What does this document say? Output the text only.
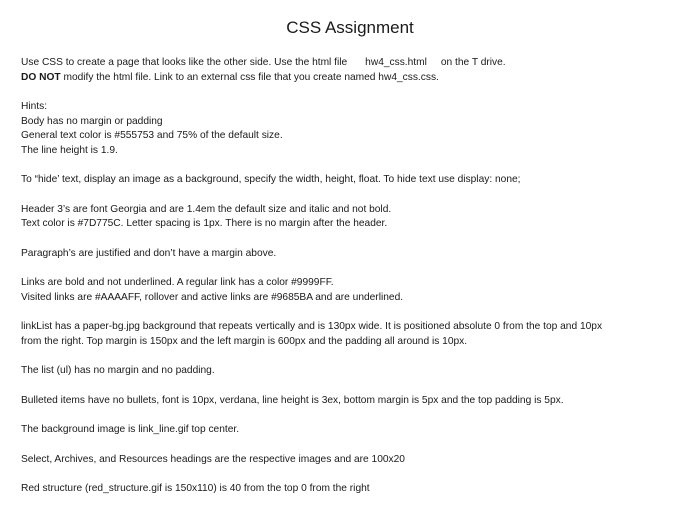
CSS Assignment
Use CSS to create a page that looks like the other side. Use the html file hw4_css.html on the T drive.
DO NOT modify the html file. Link to an external css file that you create named hw4_css.css.
Hints:
Body has no margin or padding
General text color is #555753 and 75% of the default size.
The line height is 1.9.
To “hide’ text, display an image as a background, specify the width, height, float. To hide text use display: none;
Header 3’s are font Georgia and are 1.4em the default size and italic and not bold.
Text color is #7D775C. Letter spacing is 1px. There is no margin after the header.
Paragraph’s are justified and don’t have a margin above.
Links are bold and not underlined. A regular link has a color #9999FF.
Visited links are #AAAAFF, rollover and active links are #9685BA and are underlined.
linkList has a paper-bg.jpg background that repeats vertically and is 130px wide. It is positioned absolute 0 from the top and 10px
from the right. Top margin is 150px and the left margin is 600px and the padding all around is 10px.
The list (ul) has no margin and no padding.
Bulleted items have no bullets, font is 10px, verdana, line height is 3ex, bottom margin is 5px and the top padding is 5px.
The background image is link_line.gif top center.
Select, Archives, and Resources headings are the respective images and are 100x20
Red structure (red_structure.gif is 150x110) is 40 from the top 0 from the right
